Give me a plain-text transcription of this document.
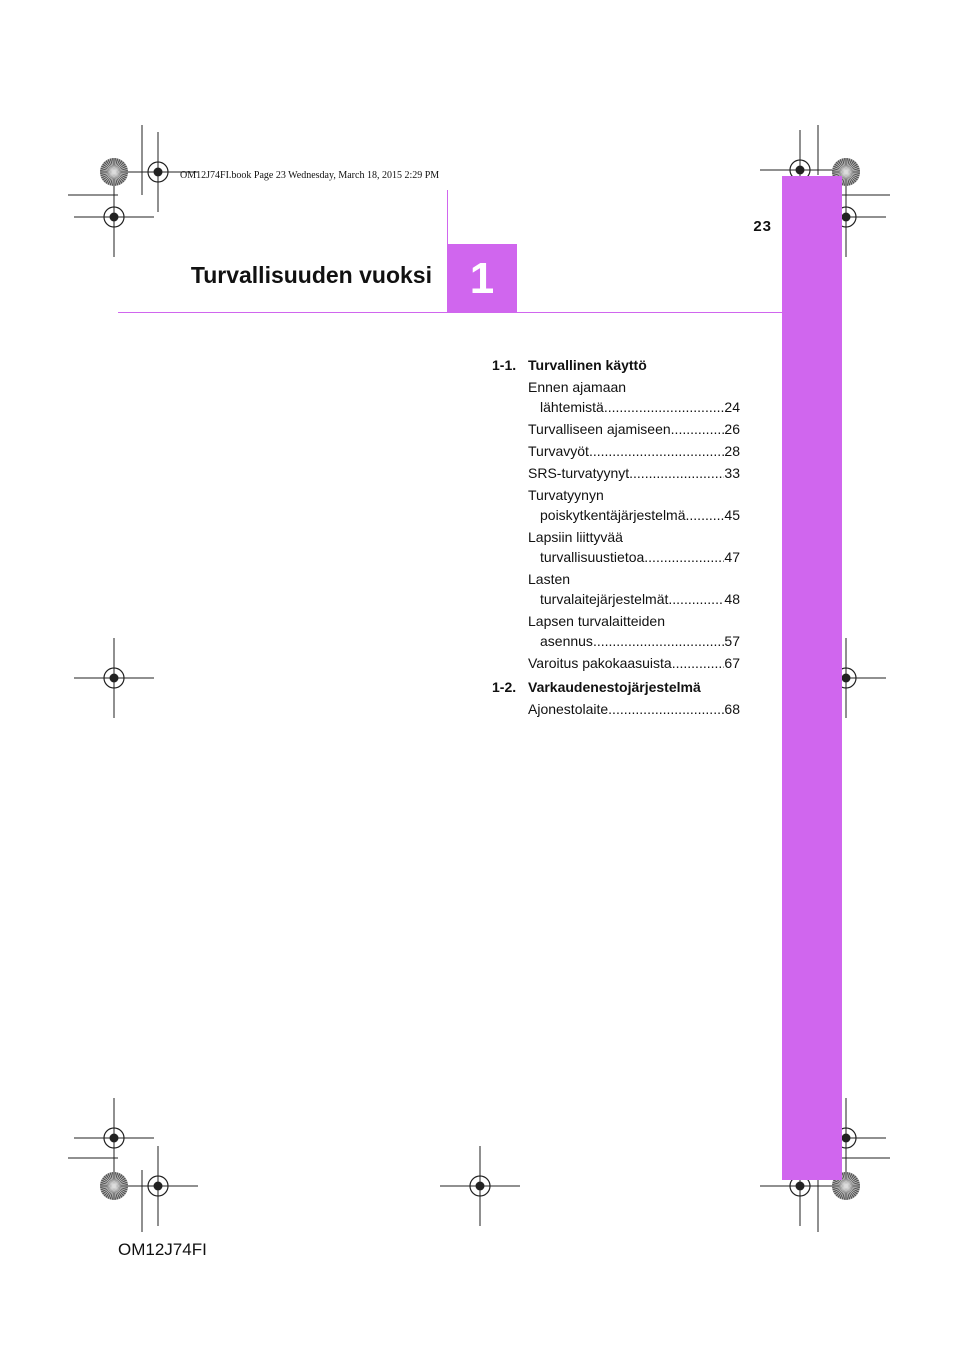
OM12J74FI.book Page 23 Wednesday, March 18, 2015 2:29 PM
23
Turvallisuuden vuoksi 1
1-1. Turvallinen käyttö
Ennen ajamaan
lähtemistä .....	24
Turvalliseen ajamiseen .....	26
Turvavyöt .....	28
SRS-turvatyynyt .....	33
Turvatyynyn
poiskytkentäjärjestelmä .....	45
Lapsiin liittyvää
turvallisuustietoa .....	47
Lasten
turvalaitejärjestelmät .....	48
Lapsen turvalaitteiden
asennus .....	57
Varoitus pakokaasuista .....	67
1-2. Varkaudenestojärjestelmä
Ajonestolaite .....	68
OM12J74FI
